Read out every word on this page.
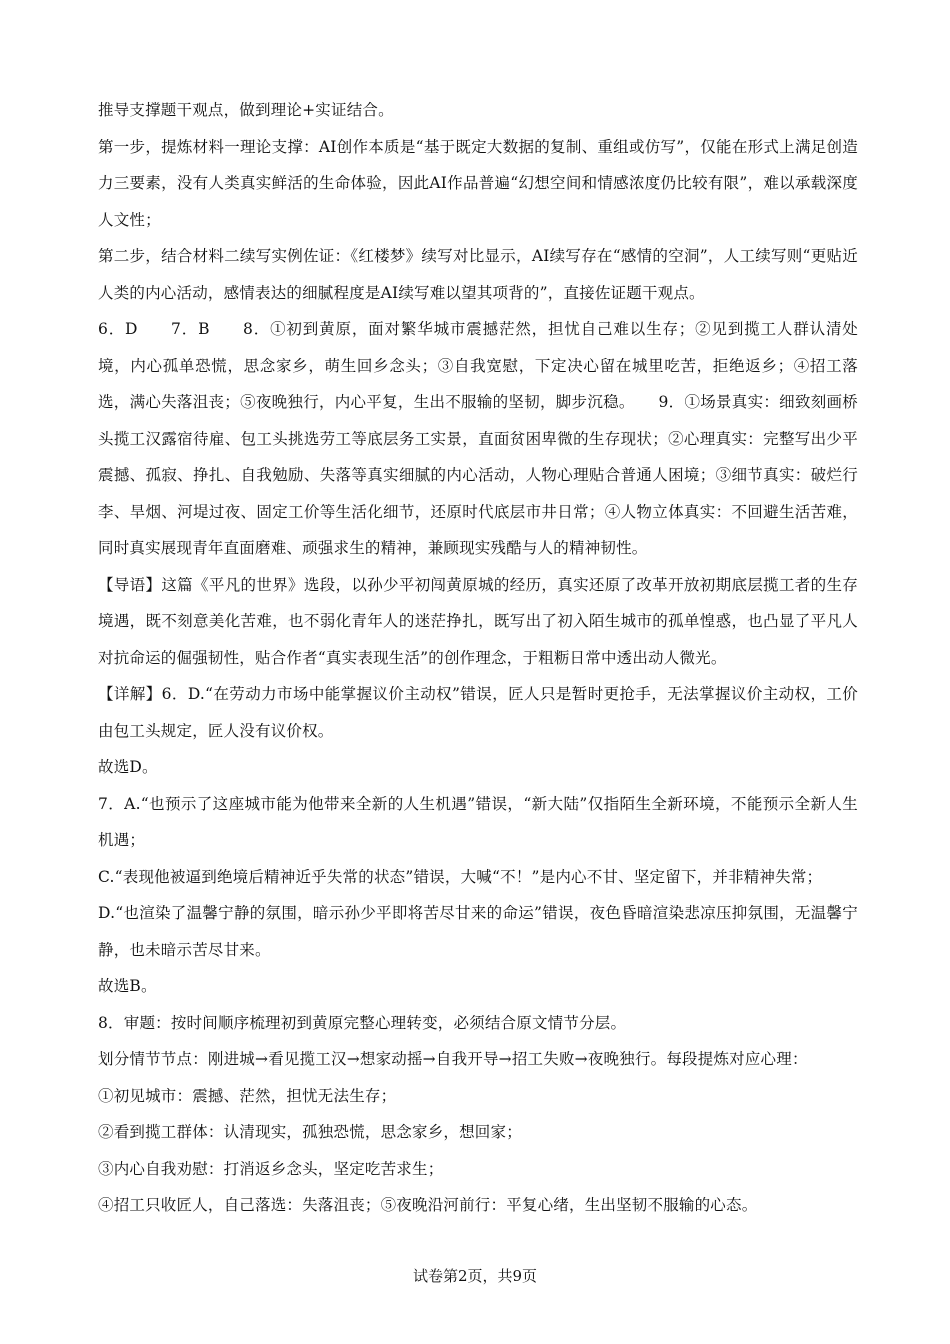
推导支撑题干观点，做到理论+实证结合。

第一步，提炼材料一理论支撑：AI创作本质是“基于既定大数据的复制、重组或仿写”，仅能在形式上满足创造力三要素，没有人类真实鲜活的生命体验，因此AI作品普遍“幻想空间和情感浓度仍比较有限”，难以承载深度人文性；

第二步，结合材料二续写实例佐证：《红楼梦》续写对比显示，AI续写存在“感情的空洞”，人工续写则“更贴近人类的内心活动，感情表达的细腻程度是AI续写难以望其项背的”，直接佐证题干观点。

6．D　　7．B　　8．①初到黄原，面对繁华城市震撼茫然，担忧自己难以生存；②见到揽工人群认清处境，内心孤单恐慌，思念家乡，萌生回乡念头；③自我宽慰，下定决心留在城里吃苦，拒绝返乡；④招工落选，满心失落沮丧；⑤夜晚独行，内心平复，生出不服输的坚韧，脚步沉稳。　　9．①场景真实：细致刻画桥头揽工汉露宿待雇、包工头挑选劳工等底层务工实景，直面贫困卑微的生存现状；②心理真实：完整写出少平震撼、孤寂、挣扎、自我勉励、失落等真实细腻的内心活动，人物心理贴合普通人困境；③细节真实：破烂行李、旱烟、河堤过夜、固定工价等生活化细节，还原时代底层市井日常；④人物立体真实：不回避生活苦难，同时真实展现青年直面磨难、顽强求生的精神，兼顾现实残酷与人的精神韧性。

【导语】这篇《平凡的世界》选段，以孙少平初闯黄原城的经历，真实还原了改革开放初期底层揽工者的生存境遇，既不刻意美化苦难，也不弱化青年人的迷茫挣扎，既写出了初入陌生城市的孤单惶惑，也凸显了平凡人对抗命运的倔强韧性，贴合作者“真实表现生活”的创作理念，于粗粝日常中透出动人微光。

【详解】6．D.“在劳动力市场中能掌握议价主动权”错误，匠人只是暂时更抢手，无法掌握议价主动权，工价由包工头规定，匠人没有议价权。

故选D。

7．A.“也预示了这座城市能为他带来全新的人生机遇”错误，“新大陆”仅指陌生全新环境，不能预示全新人生机遇；

C.“表现他被逼到绝境后精神近乎失常的状态”错误，大喊“不！”是内心不甘、坚定留下，并非精神失常；

D.“也渲染了温馨宁静的氛围，暗示孙少平即将苦尽甘来的命运”错误，夜色昏暗渲染悲凉压抑氛围，无温馨宁静，也未暗示苦尽甘来。

故选B。

8．审题：按时间顺序梳理初到黄原完整心理转变，必须结合原文情节分层。

划分情节节点：刚进城→看见揽工汉→想家动摇→自我开导→招工失败→夜晚独行。每段提炼对应心理：

①初见城市：震撼、茫然，担忧无法生存；

②看到揽工群体：认清现实，孤独恐慌，思念家乡，想回家；

③内心自我劝慰：打消返乡念头，坚定吃苦求生；

④招工只收匠人，自己落选：失落沮丧；⑤夜晚沿河前行：平复心绪，生出坚韧不服输的心态。

试卷第2页，共9页
